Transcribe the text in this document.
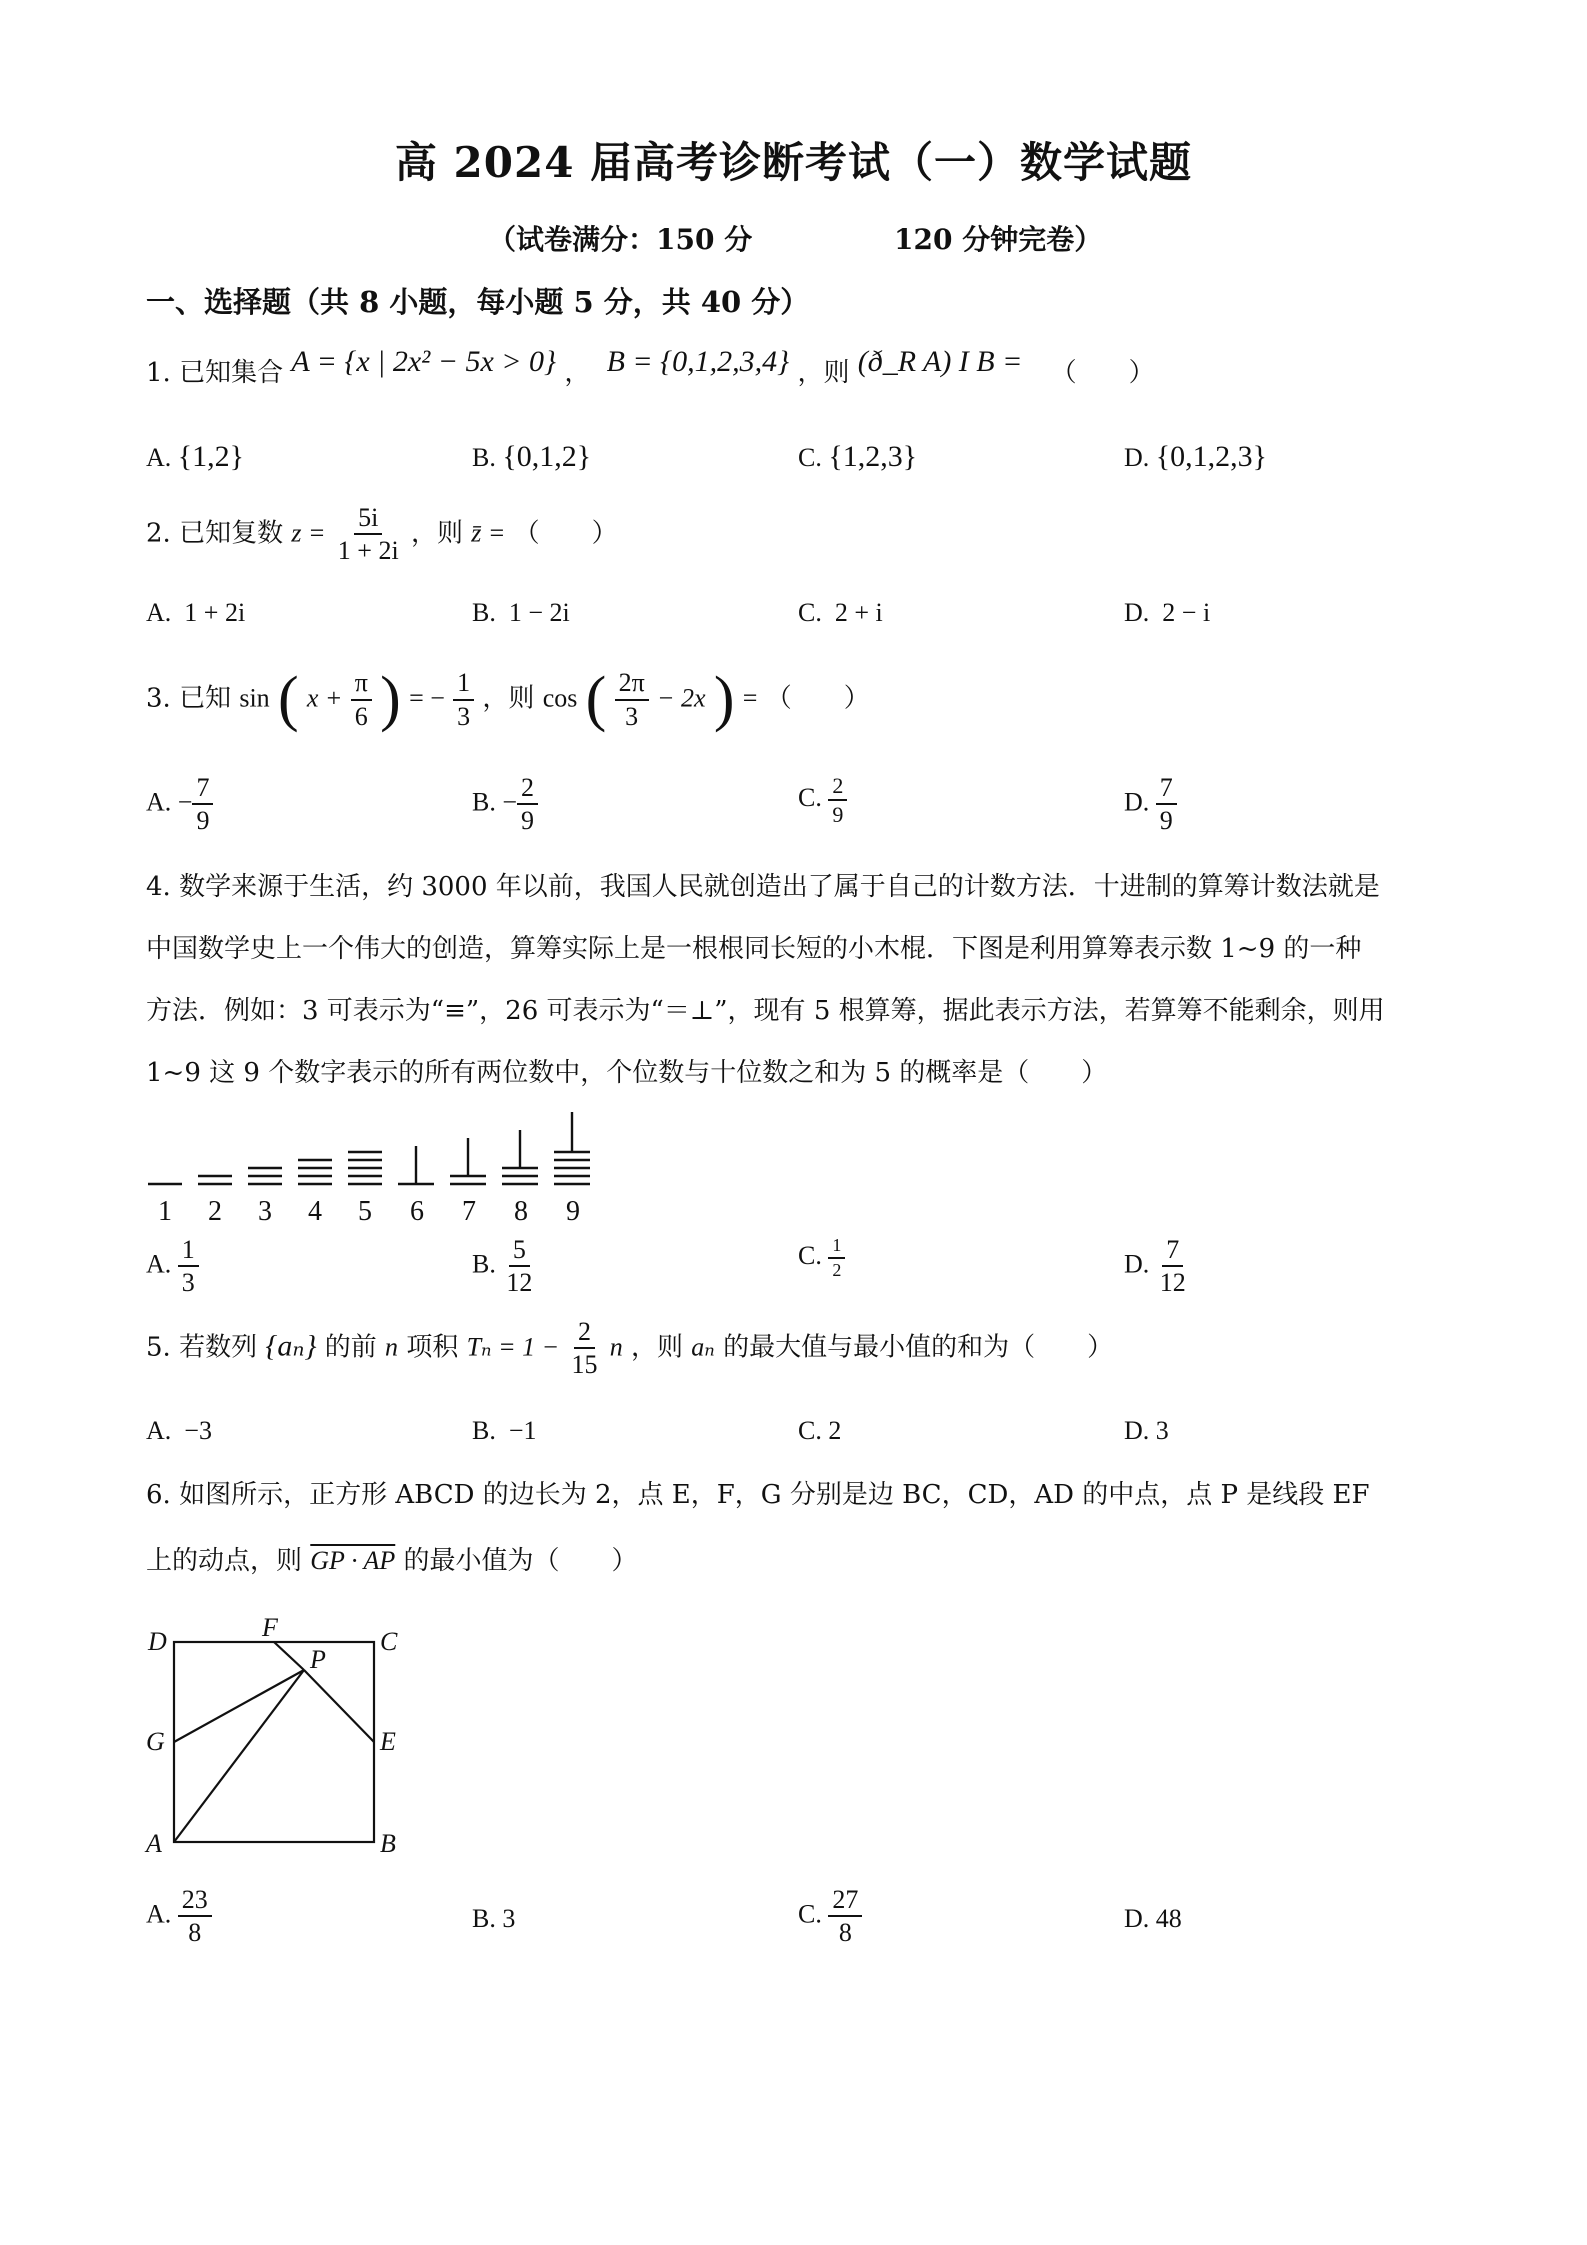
高 2024 届高考诊断考试（一）数学试题
（试卷满分：150 分	120 分钟完卷）
一、选择题（共 8 小题，每小题 5 分，共 40 分）
1. 已知集合 A = {x | 2x² − 5x > 0} ， B = {0,1,2,3,4} ，则 (ð_R A) I B = （　　）
A. {1,2}	B. {0,1,2}	C. {1,2,3}	D. {0,1,2,3}
2. 已知复数 $z = \frac{5i}{1 + 2i}$ ，则 z̄ = （　　）
A. 1 + 2i	B. 1 − 2i	C. 2 + i	D. 2 − i
3. 已知 sin ( $x + \frac{\pi}{6}$ ) = − $\frac{1}{3}$ ，则 cos ( $\frac{2\pi}{3} - 2x$ ) = （　　）
A. − $\frac{7}{9}$	B. − $\frac{2}{9}$	C. $\frac{2}{9}$	D. $\frac{7}{9}$
4. 数学来源于生活，约 3000 年以前，我国人民就创造出了属于自己的计数方法．十进制的算筹计数法就是
中国数学史上一个伟大的创造，算筹实际上是一根根同长短的小木棍．下图是利用算筹表示数 1~9 的一种
方法．例如：3 可表示为“≡”，26 可表示为“＝⊥”，现有 5 根算筹，据此表示方法，若算筹不能剩余，则用
1~9 这 9 个数字表示的所有两位数中，个位数与十位数之和为 5 的概率是（　　）
1 2 3 4 5 6 7 8 9
A. $\frac{1}{3}$	B. $\frac{5}{12}$	C. $\frac{1}{2}$	D. $\frac{7}{12}$
5. 若数列 {aₙ} 的前 n 项积 $T_n = 1 - \frac{2}{15}$ n ，则 aₙ 的最大值与最小值的和为（　　）
A. −3	B. −1	C. 2	D. 3
6. 如图所示，正方形 ABCD 的边长为 2，点 E，F，G 分别是边 BC，CD，AD 的中点，点 P 是线段 EF
上的动点，则 GP · AP 的最小值为（　　）
D	F	C
P
G	E
A	B
A. $\frac{23}{8}$	B. 3	C. $\frac{27}{8}$	D. 48
